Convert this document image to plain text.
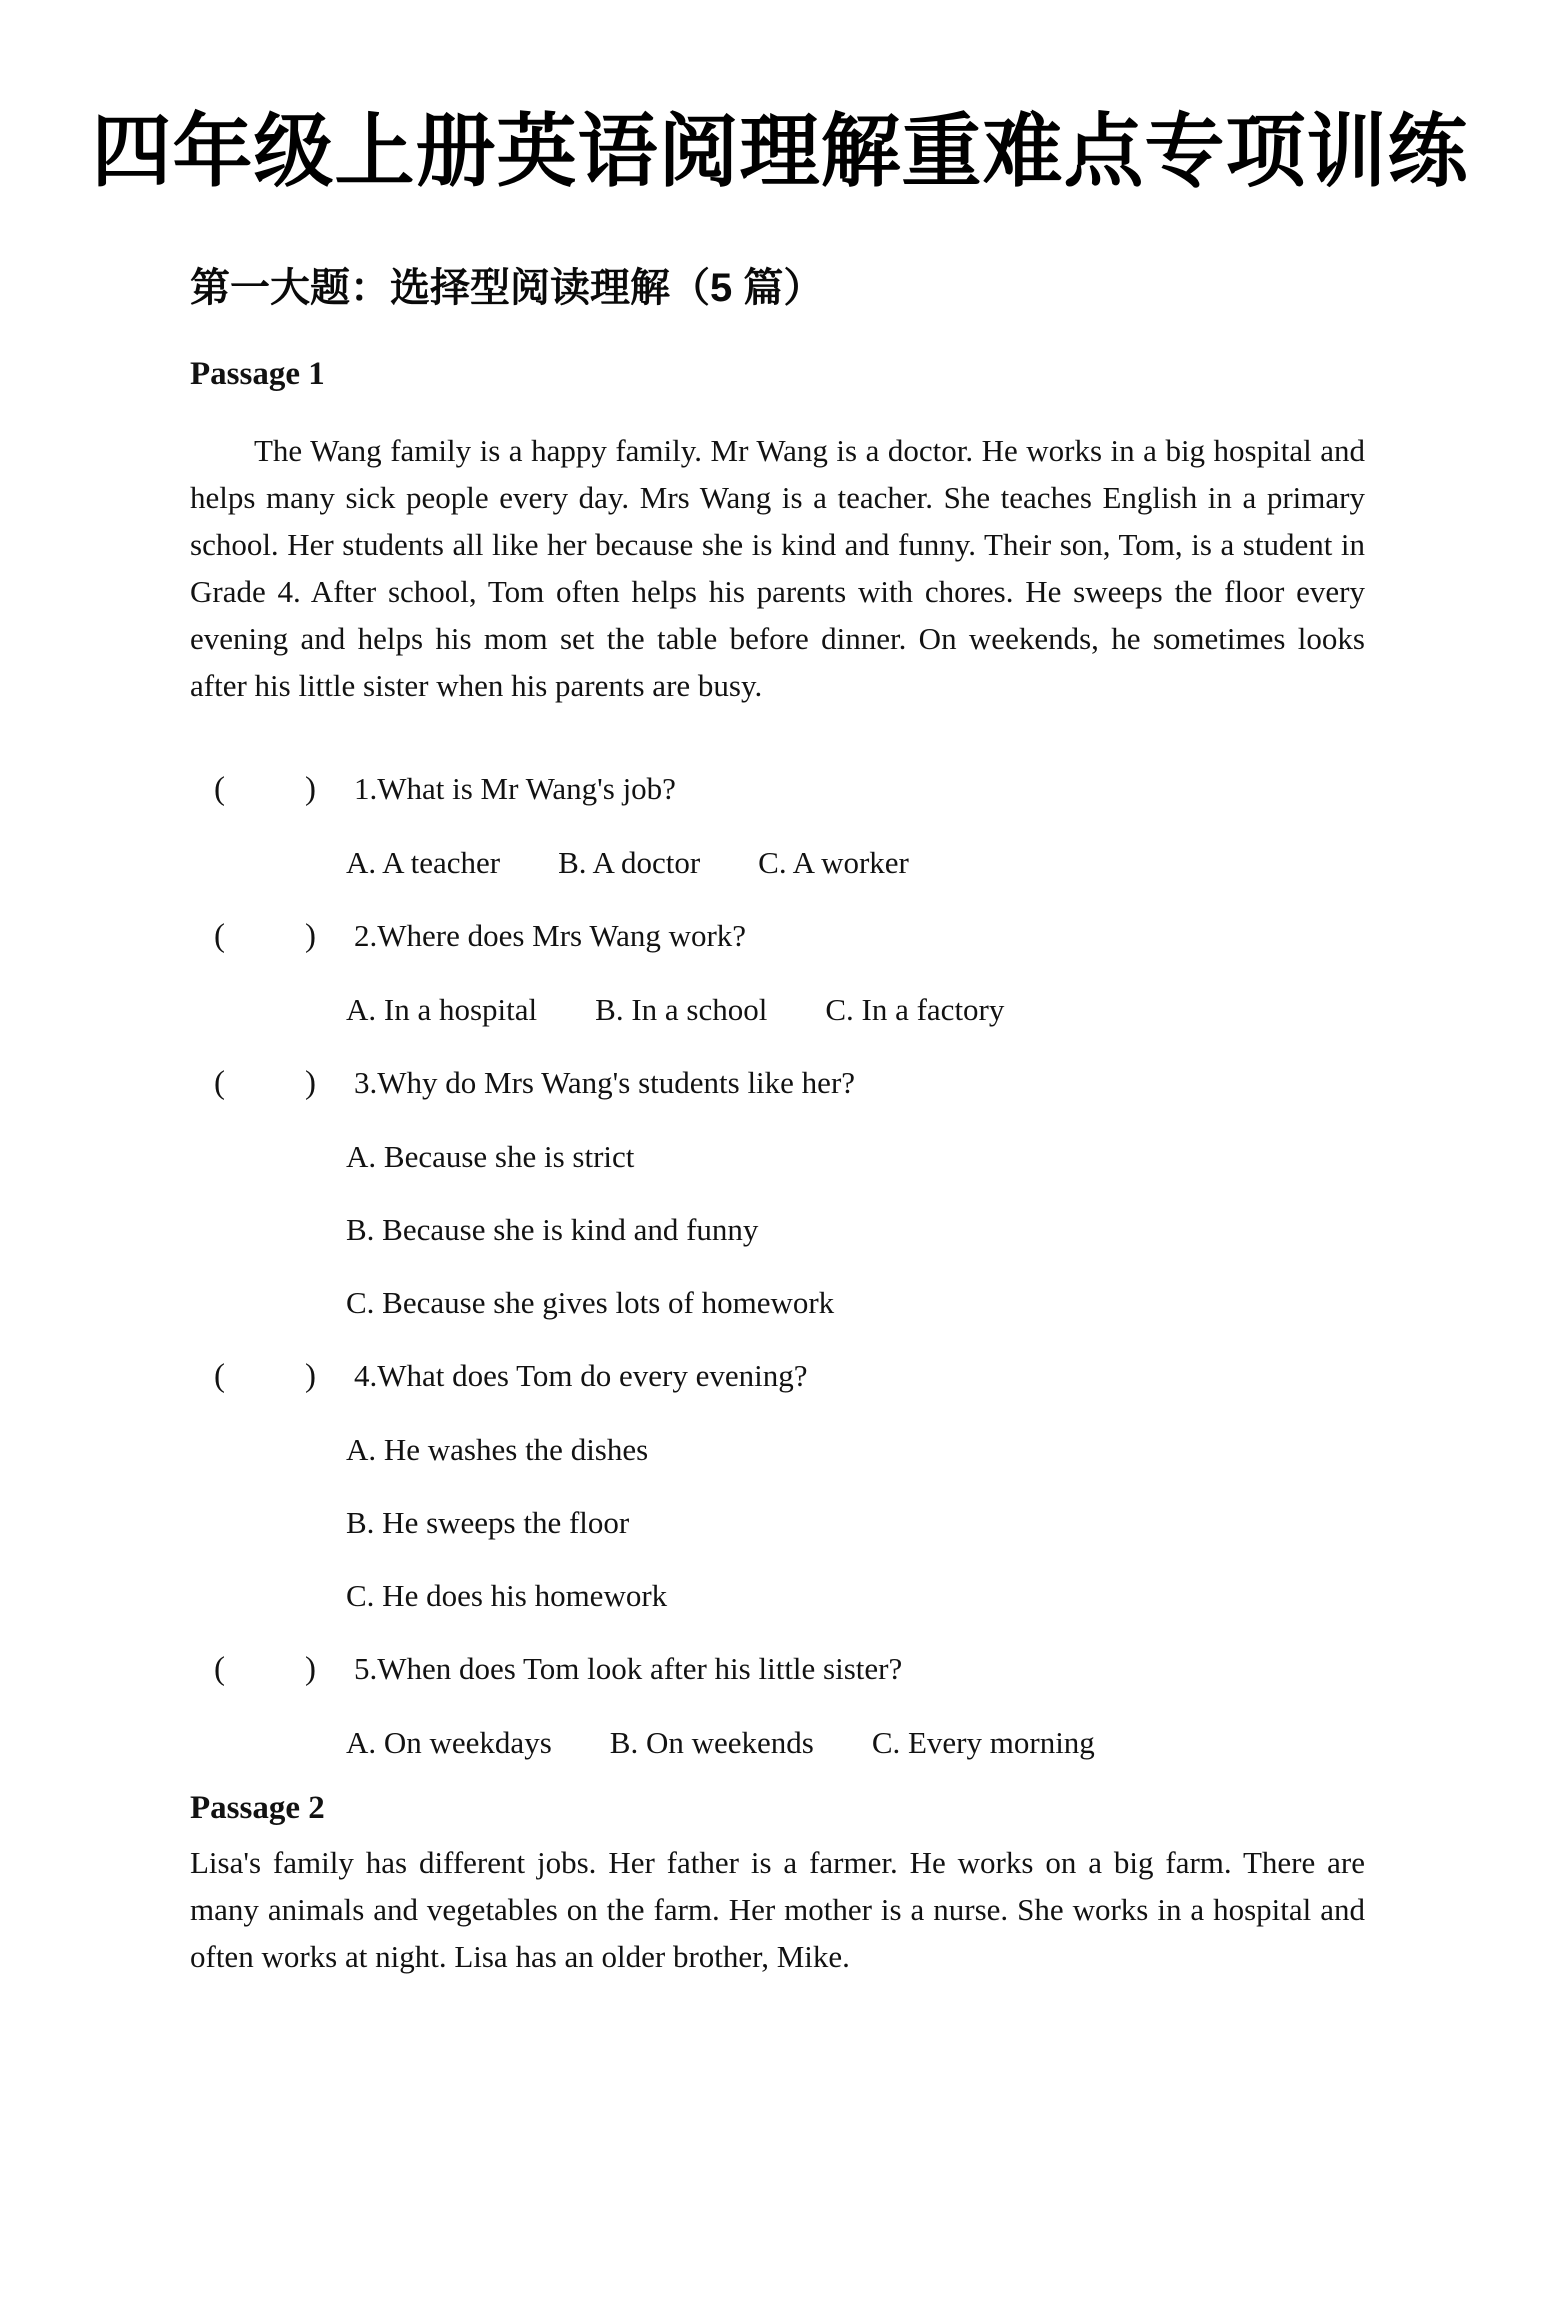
四年级上册英语阅理解重难点专项训练
第一大题：选择型阅读理解（5 篇）
Passage 1

The Wang family is a happy family. Mr Wang is a doctor. He works in a big hospital and helps many sick people every day. Mrs Wang is a teacher. She teaches English in a primary school. Her students all like her because she is kind and funny. Their son, Tom, is a student in Grade 4. After school, Tom often helps his parents with chores. He sweeps the floor every evening and helps his mom set the table before dinner. On weekends, he sometimes looks after his little sister when his parents are busy.

( ) 1.What is Mr Wang's job?
A. A teacher B. A doctor C. A worker
( ) 2.Where does Mrs Wang work?
A. In a hospital B. In a school C. In a factory
( ) 3.Why do Mrs Wang's students like her?
A. Because she is strict
B. Because she is kind and funny
C. Because she gives lots of homework
( ) 4.What does Tom do every evening?
A. He washes the dishes
B. He sweeps the floor
C. He does his homework
( ) 5.When does Tom look after his little sister?
A. On weekdays B. On weekends C. Every morning
Passage 2

Lisa's family has different jobs. Her father is a farmer. He works on a big farm. There are many animals and vegetables on the farm. Her mother is a nurse. She works in a hospital and often works at night. Lisa has an older brother, Mike.
